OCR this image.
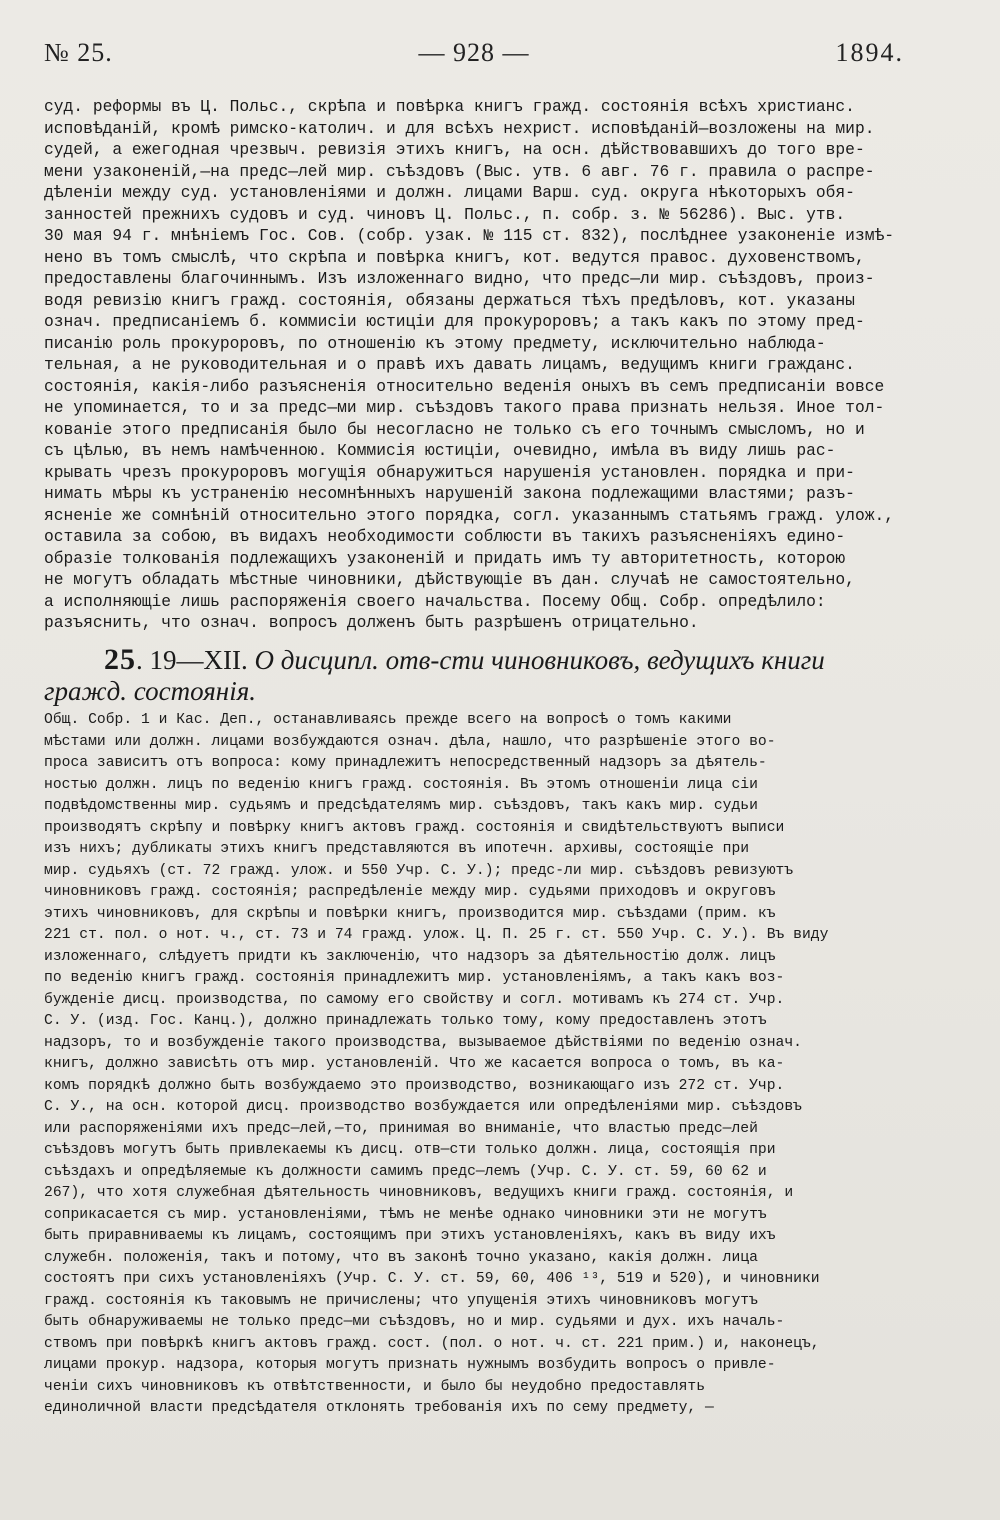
№ 25.	— 928 —	1894.
суд. реформы въ Ц. Польс., скрѣпа и повѣрка книгъ гражд. состоянія всѣхъ христианс.
исповѣданій, кромѣ римско-католич. и для всѣхъ нехрист. исповѣданій—возложены на мир.
судей, а ежегодная чрезвыч. ревизія этихъ книгъ, на осн. дѣйствовавшихъ до того вре-
мени узаконеній,—на предс—лей мир. съѣздовъ (Выс. утв. 6 авг. 76 г. правила о распре-
дѣленіи между суд. установленіями и должн. лицами Варш. суд. округа нѣкоторыхъ обя-
занностей прежнихъ судовъ и суд. чиновъ Ц. Польс., п. собр. з. № 56286). Выс. утв.
30 мая 94 г. мнѣніемъ Гос. Сов. (собр. узак. № 115 ст. 832), послѣднее узаконеніе измѣ-
нено въ томъ смыслѣ, что скрѣпа и повѣрка книгъ, кот. ведутся правос. духовенствомъ,
предоставлены благочиннымъ. Изъ изложеннаго видно, что предс—ли мир. съѣздовъ, произ-
водя ревизію книгъ гражд. состоянія, обязаны держаться тѣхъ предѣловъ, кот. указаны
означ. предписаніемъ б. коммисіи юстиціи для прокуроровъ; а такъ какъ по этому пред-
писанію роль прокуроровъ, по отношенію къ этому предмету, исключительно наблюда-
тельная, а не руководительная и о правѣ ихъ давать лицамъ, ведущимъ книги граждaнс.
состоянія, какія-либо разъясненія относительно веденія оныхъ въ семъ предписаніи вовсе
не упоминается, то и за предс—ми мир. съѣздовъ такого права признать нельзя. Иное тол-
кованіе этого предписанія было бы несогласно не только съ его точнымъ смысломъ, но и
съ цѣлью, въ немъ намѣченною. Коммисія юстиціи, очевидно, имѣла въ виду лишь рас-
крывать чрезъ прокуроровъ могущія обнаружиться нарушенія установлен. порядка и при-
нимать мѣры къ устраненію несомнѣнныхъ нарушеній закона подлежащими властями; разъ-
ясненіе же сомнѣній относительно этого порядка, согл. указаннымъ статьямъ гражд. улож.,
оставила за собою, въ видахъ необходимости соблюсти въ такихъ разъясненіяхъ едино-
образіе толкованія подлежащихъ узаконеній и придать имъ ту авторитетность, которою
не могутъ обладать мѣстные чиновники, дѣйствующіе въ дан. случаѣ не самостоятельно,
а исполняющіе лишь распоряженія своего начальства. Посему Общ. Собр. опредѣлило:
разъяснить, что означ. вопросъ долженъ быть разрѣшенъ отрицательно.
25. 19—XII. О дисципл. отв-сти чиновниковъ, ведущихъ книги
гражд. состоянія.
Общ. Собр. 1 и Кас. Деп., останавливаясь прежде всего на вопросѣ о томъ какими
мѣстами или должн. лицами возбуждаются означ. дѣла, нашло, что разрѣшеніе этого во-
проса зависитъ отъ вопроса: кому принадлежитъ непосредственный надзоръ за дѣятель-
ностью должн. лицъ по веденію книгъ гражд. состоянія. Въ этомъ отношеніи лица сіи
подвѣдомственны мир. судьямъ и предсѣдателямъ мир. съѣздовъ, такъ какъ мир. судьи
производятъ скрѣпу и повѣрку книгъ актовъ гражд. состоянія и свидѣтельствуютъ выписи
изъ нихъ; дубликаты этихъ книгъ представляются въ ипотечн. архивы, состоящіе при
мир. судьяхъ (ст. 72 гражд. улож. и 550 Учр. С. У.); предс-ли мир. съѣздовъ ревизуютъ
чиновниковъ гражд. состоянія; распредѣленіе между мир. судьями приходовъ и округовъ
этихъ чиновниковъ, для скрѣпы и повѣрки книгъ, производится мир. съѣздами (прим. къ
221 ст. пол. о нот. ч., ст. 73 и 74 гражд. улож. Ц. П. 25 г. ст. 550 Учр. С. У.). Въ виду
изложеннаго, слѣдуетъ придти къ заключенію, что надзоръ за дѣятельностію долж. лицъ
по веденію книгъ гражд. состоянія принадлежитъ мир. установленіямъ, а такъ какъ воз-
бужденіе дисц. производства, по самому его свойству и согл. мотивамъ къ 274 ст. Учр.
С. У. (изд. Гос. Канц.), должно принадлежать только тому, кому предоставленъ этотъ
надзоръ, то и возбужденіе такого производства, вызываемое дѣйствіями по веденію означ.
книгъ, должно зависѣть отъ мир. установленій. Что же касается вопроса о томъ, въ ка-
комъ порядкѣ должно быть возбуждаемо это производство, возникающаго изъ 272 ст. Учр.
С. У., на осн. которой дисц. производство возбуждается или опредѣленіями мир. съѣздовъ
или распоряженіями ихъ предс—лей,—то, принимая во вниманіе, что властью предс—лей
съѣздовъ могутъ быть привлекаемы къ дисц. отв—сти только должн. лица, состоящія при
съѣздахъ и опредѣляемые къ должности самимъ предс—лемъ (Учр. С. У. ст. 59, 60 62 и
267), что хотя служебная дѣятельность чиновниковъ, ведущихъ книги гражд. состоянія, и
соприкасается съ мир. установленіями, тѣмъ не менѣе однако чиновники эти не могутъ
быть приравниваемы къ лицамъ, состоящимъ при этихъ установленіяхъ, какъ въ виду ихъ
служебн. положенія, такъ и потому, что въ законѣ точно указано, какія должн. лица
состоятъ при сихъ установленіяхъ (Учр. С. У. ст. 59, 60, 406 ¹³, 519 и 520), и чиновники
гражд. состоянія къ таковымъ не причислены; что упущенія этихъ чиновниковъ могутъ
быть обнаруживаемы не только предс—ми съѣздовъ, но и мир. судьями и дух. ихъ началь-
ствомъ при повѣркѣ книгъ актовъ гражд. сост. (пол. о нот. ч. ст. 221 прим.) и, наконецъ,
лицами прокур. надзора, которыя могутъ признать нужнымъ возбудить вопросъ о привле-
ченіи сихъ чиновниковъ къ отвѣтственности, и было бы неудобно предоставлять
единоличной власти предсѣдателя отклонять требованія ихъ по сему предмету, —
